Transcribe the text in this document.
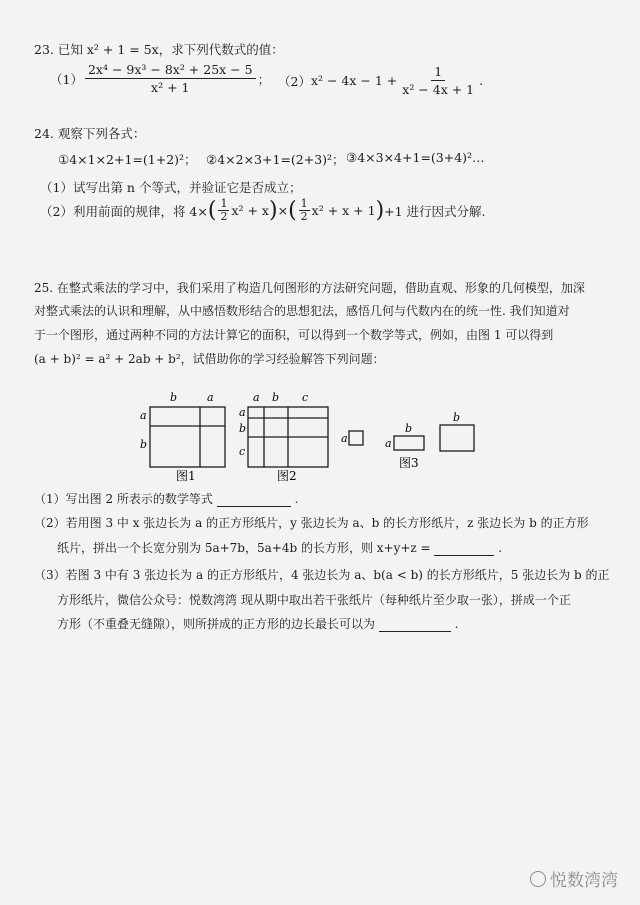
23. 已知 x² + 1 = 5x，求下列代数式的值：
$(1) \frac{\text{2x⁴ − 9x³ − 8x² + 25x − 5}}{\text{x² + 1}}$ ； （2） $x^2 - 4x - 1 + \frac{1}{\text{x² − 4x + 1}}$ .
24. 观察下列各式：
①4×1×2+1=(1+2)²； ②4×2×3+1=(2+3)²； ③4×3×4+1=(3+4)²…
（1）试写出第 n 个等式，并验证它是否成立；
（2）利用前面的规律，将 4× ( $\frac{1}{2} x^2 + x$ ) × ( $\frac{1}{2} x^2 + x + 1$ ) +1 进行因式分解.
25. 在整式乘法的学习中，我们采用了构造几何图形的方法研究问题，借助直观、形象的几何模型，加深
对整式乘法的认识和理解，从中感悟数形结合的思想犯法，感悟几何与代数内在的统一性. 我们知道对
于一个图形，通过两种不同的方法计算它的面积，可以得到一个数学等式，例如，由图 1 可以得到
(a + b)² = a² + 2ab + b²，试借助你的学习经验解答下列问题：
b	a
a
b
图1
a b c
a
b
c
图2
a	a
b
b
图3
（1）写出图 2 所表示的数学等式	.
（2）若用图 3 中 x 张边长为 a 的正方形纸片，y 张边长为 a、b 的长方形纸片，z 张边长为 b 的正方形
纸片，拼出一个长宽分别为 5a+7b，5a+4b 的长方形，则 x+y+z =	.
（3）若图 3 中有 3 张边长为 a 的正方形纸片，4 张边长为 a、b(a < b) 的长方形纸片，5 张边长为 b 的正
方形纸片，微信公众号：悦数湾湾 现从期中取出若干张纸片（每种纸片至少取一张），拼成一个正
方形（不重叠无缝隙），则所拼成的正方形的边长最长可以为	.
悦数湾湾
